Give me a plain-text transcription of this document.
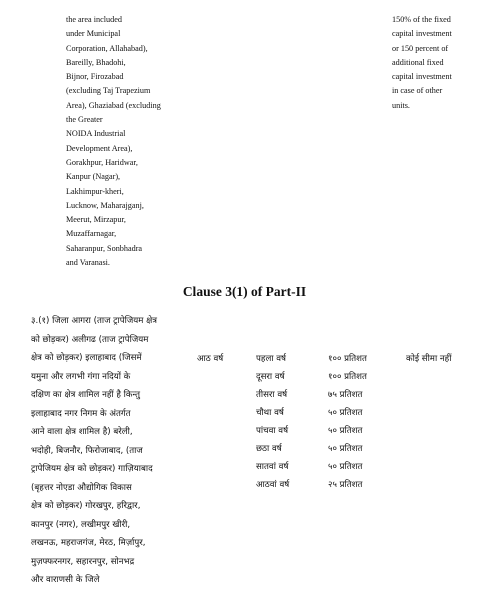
the area included
under Municipal
Corporation, Allahabad),
Bareilly, Bhadohi,
Bijnor, Firozabad
(excluding Taj Trapezium
Area), Ghaziabad (excluding
the Greater
NOIDA Industrial
Development Area),
Gorakhpur, Haridwar,
Kanpur (Nagar),
Lakhimpur-kheri,
Lucknow, Maharajganj,
Meerut, Mirzapur,
Muzaffarnagar,
Saharanpur, Sonbhadra
and Varanasi.
150% of the fixed
capital investment
or 150 percent of
additional fixed
capital investment
in case of other
units.
Clause 3(1) of Part-II
३.(१) जिला आगरा (ताज ट्रापेजियम क्षेत्र
को छोड़कर) अलीगढ (ताज ट्रापेजियम
क्षेत्र को छोड़कर) इलाहाबाद (जिसमें
यमुना और लगभी गंगा नदियों के
दक्षिण का क्षेत्र शामिल नहीं है किन्तु
इलाहाबाद नगर निगम के अंतर्गत
आने वाला क्षेत्र शामिल है) बरेली,
भदोही, बिजनौर, फिरोजाबाद, (ताज
ट्रापेजियम क्षेत्र को छोड़कर) गाज़ियाबाद
(बृहत्तर नोएडा औद्योगिक विकास
क्षेत्र को छोड़कर) गोरखपुर, हरिद्वार,
कानपुर (नगर), लखीमपुर खीरी,
लखनऊ, महराजगंज, मेरठ, मिर्ज़ापुर,
मुज़फ्फरनगर, सहारनपुर, सोनभद्र
और वाराणसी के जिले
आठ वर्ष	कोई सीमा नहीं
पहला वर्ष
दूसरा वर्ष
तीसरा वर्ष
चौथा वर्ष
पांचवा वर्ष
छठा वर्ष
सातवां वर्ष
आठवां वर्ष
१०० प्रतिशत
१०० प्रतिशत
७५ प्रतिशत
५० प्रतिशत
५० प्रतिशत
५० प्रतिशत
५० प्रतिशत
२५ प्रतिशत
